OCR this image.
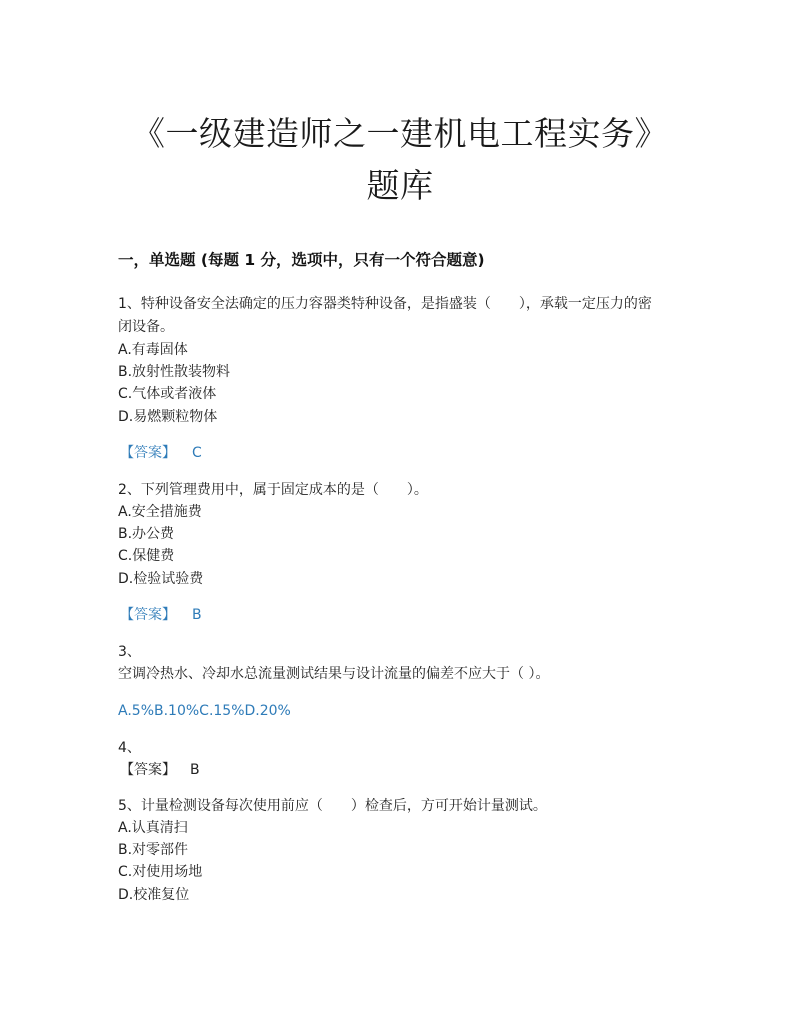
《一级建造师之一建机电工程实务》
题库
一，单选题 (每题 1 分，选项中，只有一个符合题意)
1、特种设备安全法确定的压力容器类特种设备，是指盛装（　　），承载一定压力的密
闭设备。
A.有毒固体
B.放射性散装物料
C.气体或者液体
D.易燃颗粒物体
【答案】 C
2、下列管理费用中，属于固定成本的是（　　）。
A.安全措施费
B.办公费
C.保健费
D.检验试验费
【答案】 B
3、
空调冷热水、冷却水总流量测试结果与设计流量的偏差不应大于（ ）。
A.5%B.10%C.15%D.20%
4、
【答案】 B
5、计量检测设备每次使用前应（　　）检查后，方可开始计量测试。
A.认真清扫
B.对零部件
C.对使用场地
D.校准复位
